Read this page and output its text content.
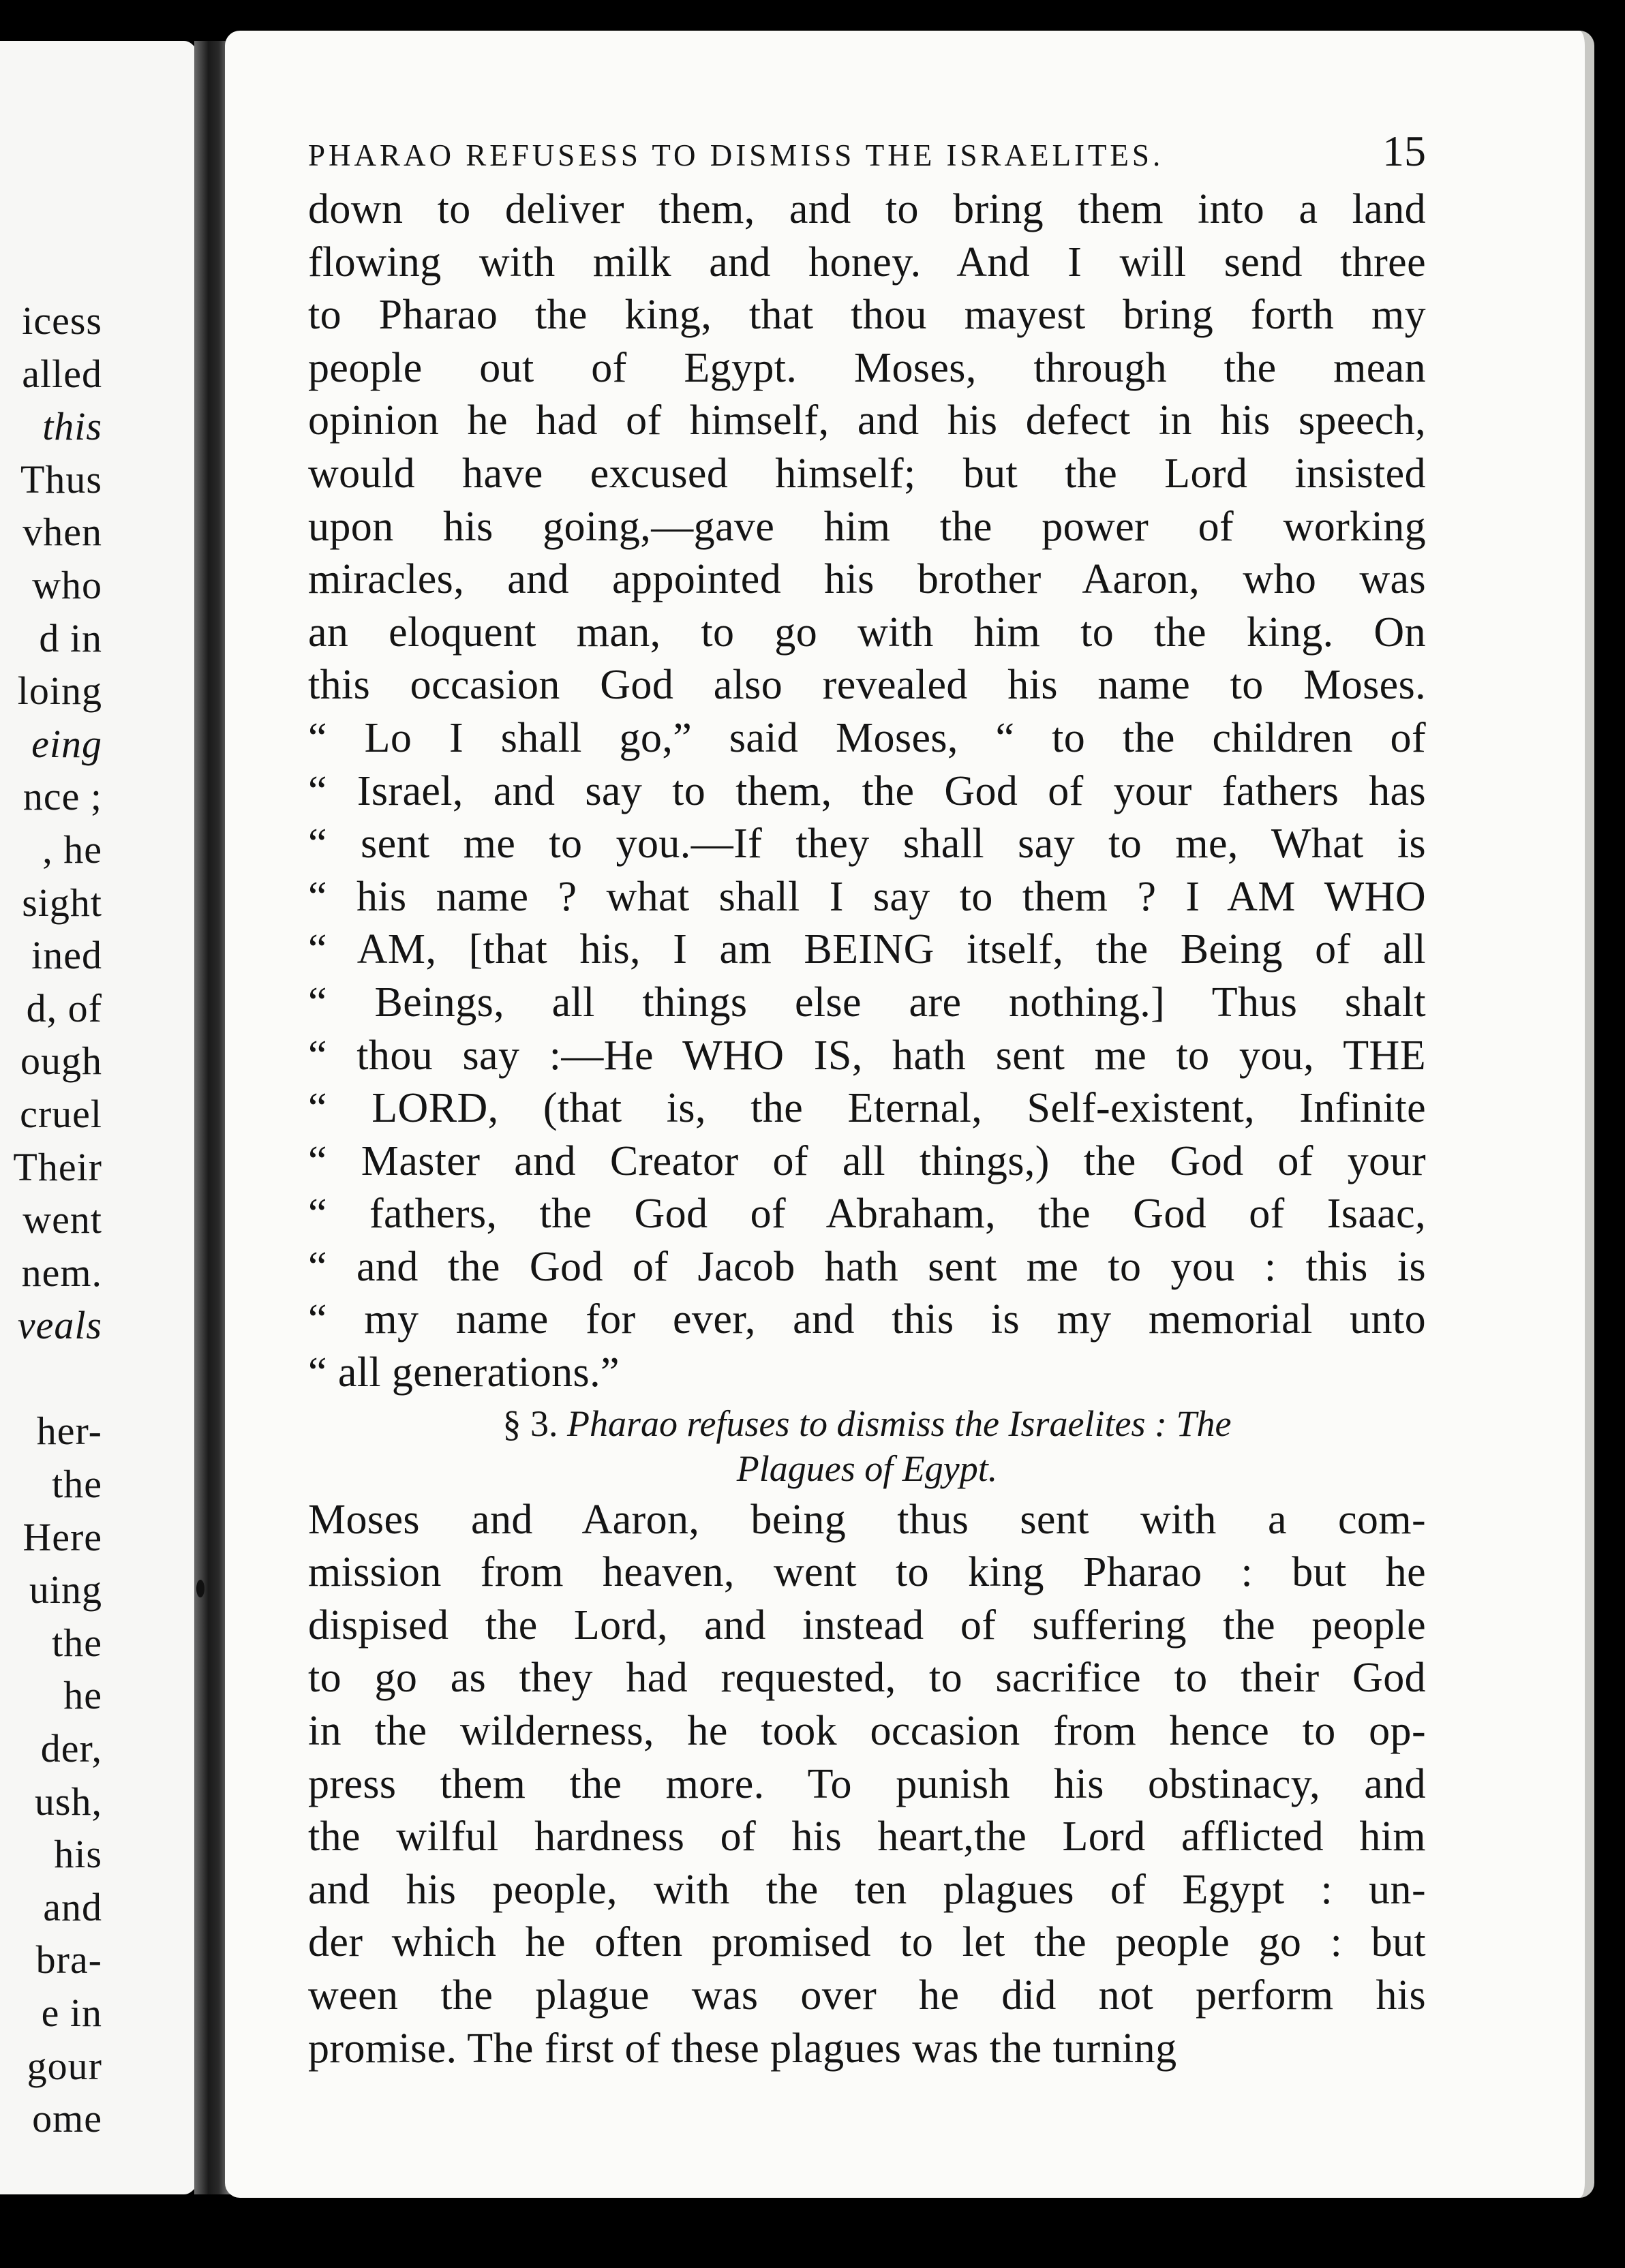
icess
alled
this
Thus
vhen
who
d in
loing
eing
nce ;
, he
sight
ined
d, of
ough
cruel
Their
went
nem.
veals
her-
the
Here
uing
the
he
der,
ush,
his
and
bra-
e in
gour
ome
PHARAO REFUSESS TO DISMISS THE ISRAELITES.	15
down to deliver them, and to bring them into a land
flowing with milk and honey. And I will send three
to Pharao the king, that thou mayest bring forth my
people out of Egypt. Moses, through the mean
opinion he had of himself, and his defect in his speech,
would have excused himself; but the Lord insisted
upon his going,—gave him the power of working
miracles, and appointed his brother Aaron, who was
an eloquent man, to go with him to the king. On
this occasion God also revealed his name to Moses.
“ Lo I shall go,” said Moses, “ to the children of
“ Israel, and say to them, the God of your fathers has
“ sent me to you.—If they shall say to me, What is
“ his name ? what shall I say to them ? I AM WHO
“ AM, [that his, I am BEING itself, the Being of all
“ Beings, all things else are nothing.] Thus shalt
“ thou say :—He WHO IS, hath sent me to you, THE
“ LORD, (that is, the Eternal, Self-existent, Infinite
“ Master and Creator of all things,) the God of your
“ fathers, the God of Abraham, the God of Isaac,
“ and the God of Jacob hath sent me to you : this is
“ my name for ever, and this is my memorial unto
“ all generations.”
§ 3. Pharao refuses to dismiss the Israelites : The
Plagues of Egypt.
Moses and Aaron, being thus sent with a com-
mission from heaven, went to king Pharao : but he
dispised the Lord, and instead of suffering the people
to go as they had requested, to sacrifice to their God
in the wilderness, he took occasion from hence to op-
press them the more. To punish his obstinacy, and
the wilful hardness of his heart,the Lord afflicted him
and his people, with the ten plagues of Egypt : un-
der which he often promised to let the people go : but
ween the plague was over he did not perform his
promise. The first of these plagues was the turning
